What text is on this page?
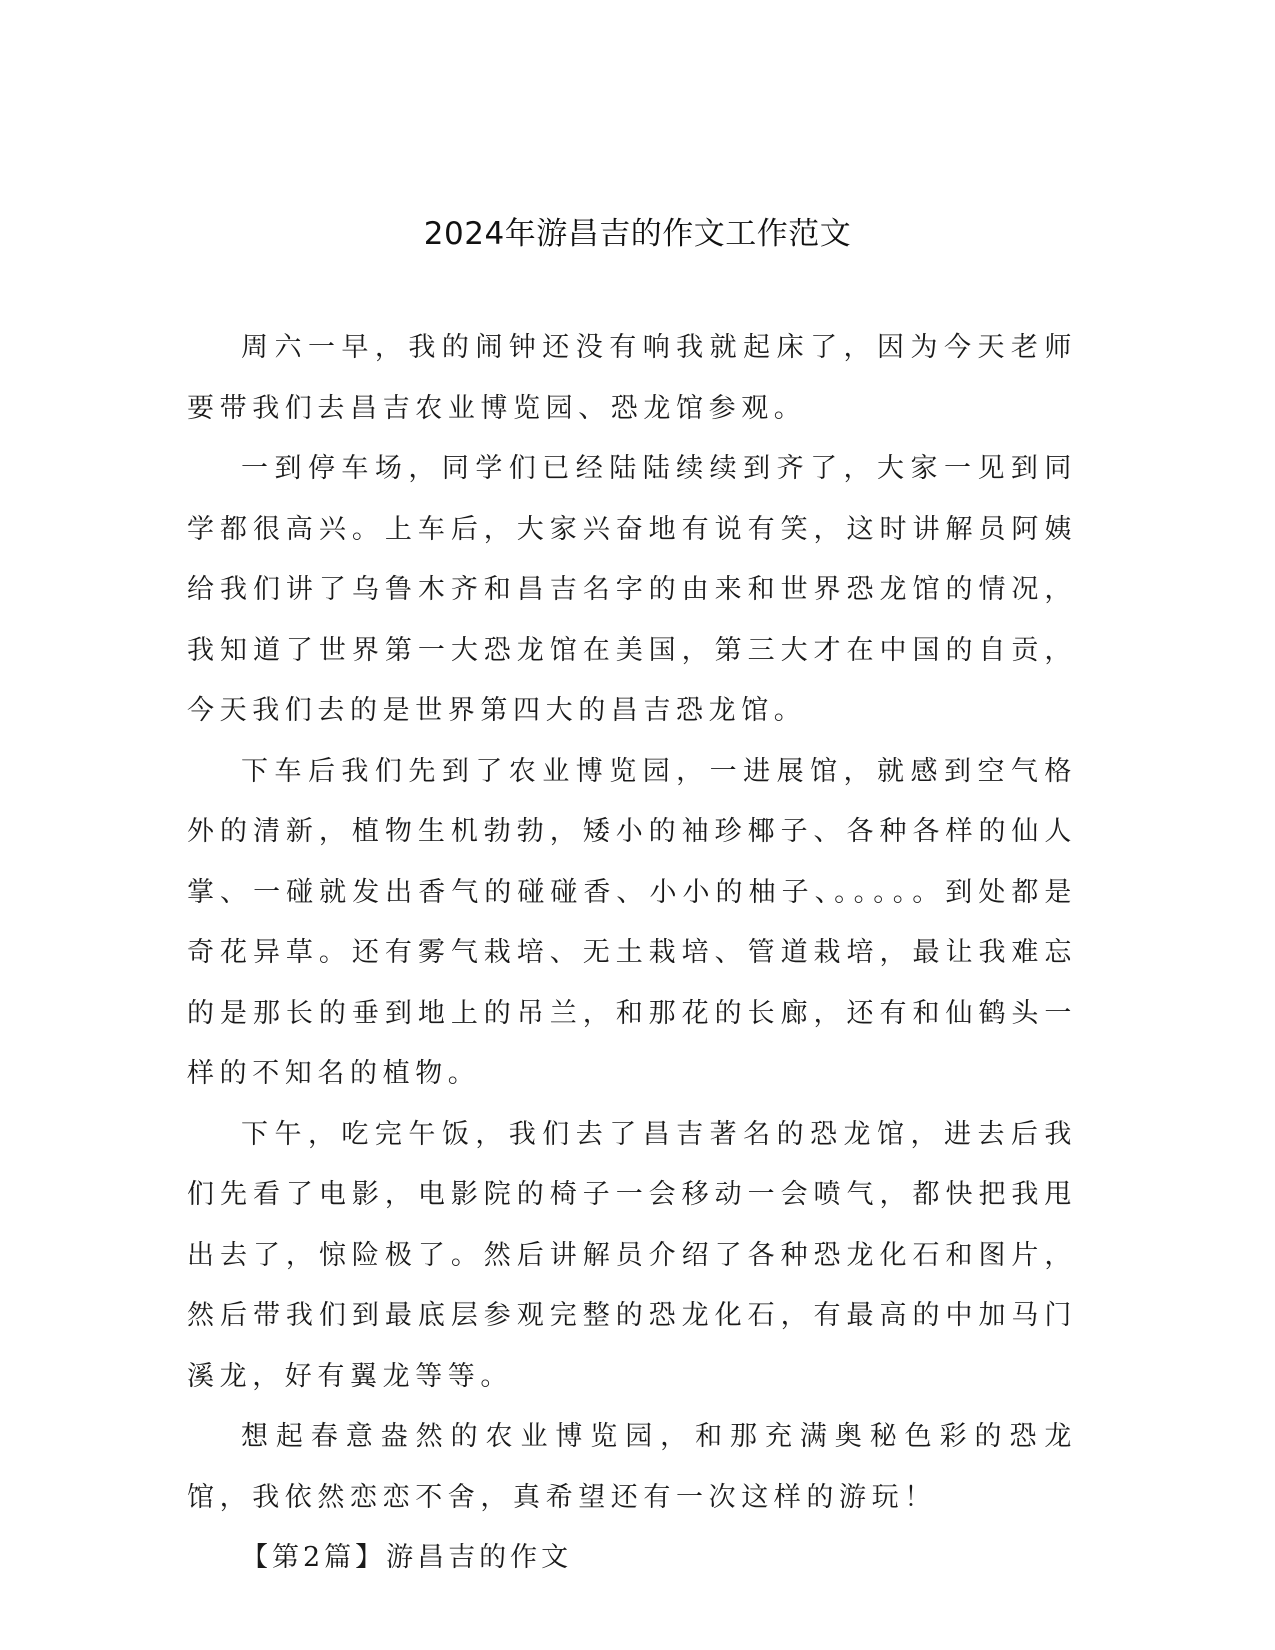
2024年游昌吉的作文工作范文

周六一早，我的闹钟还没有响我就起床了，因为今天老师要带我们去昌吉农业博览园、恐龙馆参观。

一到停车场，同学们已经陆陆续续到齐了，大家一见到同学都很高兴。上车后，大家兴奋地有说有笑，这时讲解员阿姨给我们讲了乌鲁木齐和昌吉名字的由来和世界恐龙馆的情况，我知道了世界第一大恐龙馆在美国，第三大才在中国的自贡，今天我们去的是世界第四大的昌吉恐龙馆。

下车后我们先到了农业博览园，一进展馆，就感到空气格外的清新，植物生机勃勃，矮小的袖珍椰子、各种各样的仙人掌、一碰就发出香气的碰碰香、小小的柚子、。。。。。到处都是奇花异草。还有雾气栽培、无土栽培、管道栽培，最让我难忘的是那长的垂到地上的吊兰，和那花的长廊，还有和仙鹤头一样的不知名的植物。

下午，吃完午饭，我们去了昌吉著名的恐龙馆，进去后我们先看了电影，电影院的椅子一会移动一会喷气，都快把我甩出去了，惊险极了。然后讲解员介绍了各种恐龙化石和图片，然后带我们到最底层参观完整的恐龙化石，有最高的中加马门溪龙，好有翼龙等等。

想起春意盎然的农业博览园，和那充满奥秘色彩的恐龙馆，我依然恋恋不舍，真希望还有一次这样的游玩！

【第2篇】游昌吉的作文
